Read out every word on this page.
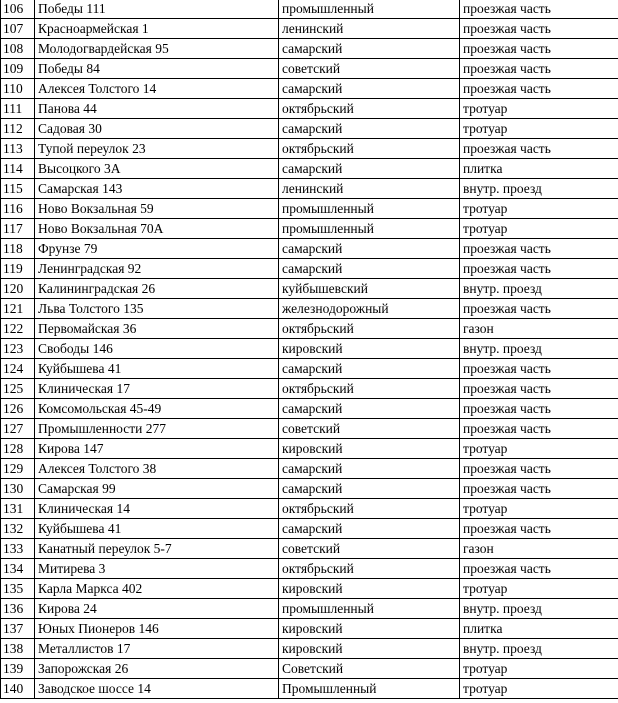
106	Победы 111	промышленный	проезжая часть
107	Красноармейская 1	ленинский	проезжая часть
108	Молодогвардейская 95	самарский	проезжая часть
109	Победы 84	советский	проезжая часть
110	Алексея Толстого 14	самарский	проезжая часть
111	Панова 44	октябрьский	тротуар
112	Садовая 30	самарский	тротуар
113	Тупой переулок 23	октябрьский	проезжая часть
114	Высоцкого 3А	самарский	плитка
115	Самарская 143	ленинский	внутр. проезд
116	Ново Вокзальная 59	промышленный	тротуар
117	Ново Вокзальная 70А	промышленный	тротуар
118	Фрунзе 79	самарский	проезжая часть
119	Ленинградская 92	самарский	проезжая часть
120	Калининградская 26	куйбышевский	внутр. проезд
121	Льва Толстого 135	железнодорожный	проезжая часть
122	Первомайская 36	октябрьский	газон
123	Свободы 146	кировский	внутр. проезд
124	Куйбышева 41	самарский	проезжая часть
125	Клиническая 17	октябрьский	проезжая часть
126	Комсомольская 45-49	самарский	проезжая часть
127	Промышленности 277	советский	проезжая часть
128	Кирова 147	кировский	тротуар
129	Алексея Толстого 38	самарский	проезжая часть
130	Самарская 99	самарский	проезжая часть
131	Клиническая 14	октябрьский	тротуар
132	Куйбышева 41	самарский	проезжая часть
133	Канатный переулок 5-7	советский	газон
134	Митирева 3	октябрьский	проезжая часть
135	Карла Маркса 402	кировский	тротуар
136	Кирова 24	промышленный	внутр. проезд
137	Юных Пионеров 146	кировский	плитка
138	Металлистов 17	кировский	внутр. проезд
139	Запорожская 26	Советский	тротуар
140	Заводское шоссе 14	Промышленный	тротуар
